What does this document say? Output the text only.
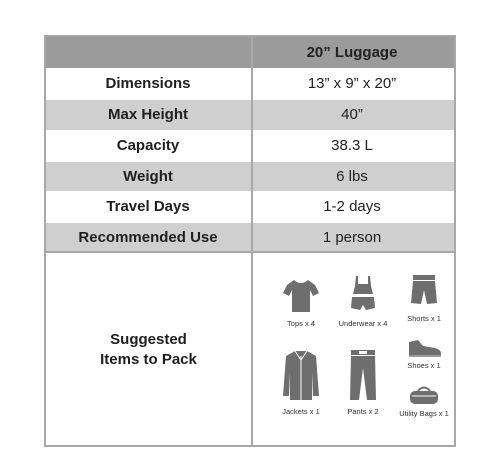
20” Luggage
Dimensions	13” x 9” x 20”
Max Height	40”
Capacity	38.3 L
Weight	6 lbs
Travel Days	1-2 days
Recommended Use	1 person
Suggested
Items to Pack
Tops x 4	Underwear x 4
Shorts x 1
Shoes x 1
Jackets x 1	Pants x 2	Utility Bags x 1
